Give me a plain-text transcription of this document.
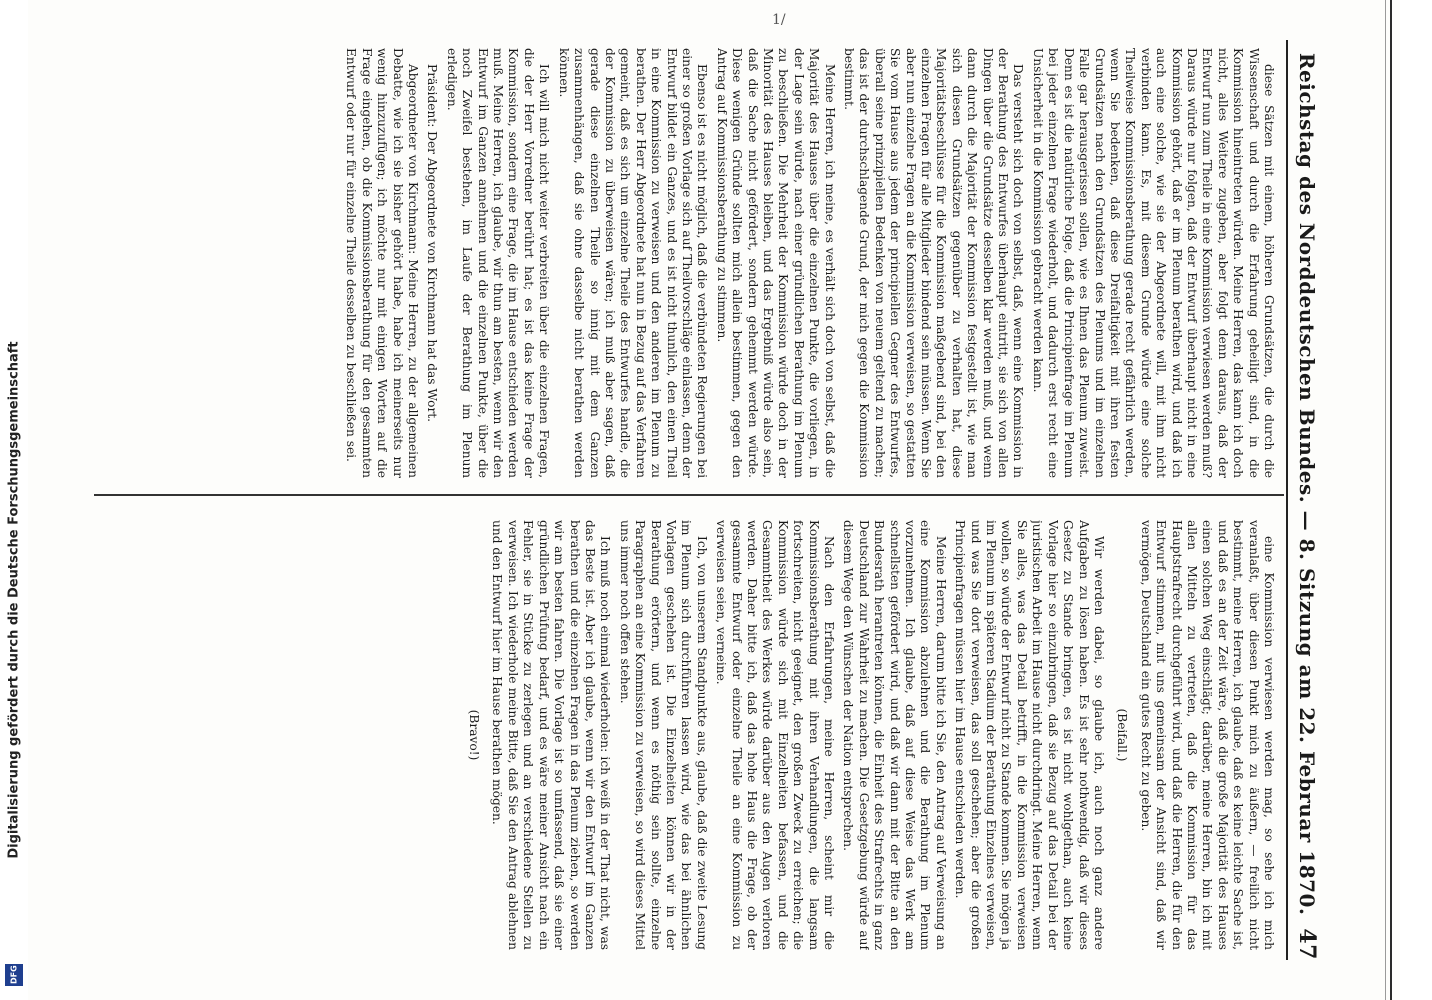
Digitalisierung gefördert durch die Deutsche Forschungsgemeinschaft
DFG
Reichstag des Norddeutschen Bundes. — 8. Sitzung am 22. Februar 1870.
47

diese Sätzen mit einem, höheren Grundsätzen, die durch die Wissenschaft und durch die Erfahrung geheiligt sind, in die Kommission hineintreten würden. Meine Herren, das kann ich doch nicht, alles Weitere zugeben, aber folgt denn daraus, daß der Entwurf nun zum Theile in eine Kommission verwiesen werden muß? Daraus würde nur folgen, daß der Entwurf überhaupt nicht in eine Kommission gehört, daß er im Plenum berathen wird, und daß ich auch eine solche, wie sie der Abgeordnete will, mit ihm nicht verbinden kann. Es, mit diesem Grunde würde eine solche Theilweise Kommissionsberathung gerade recht gefährlich werden, wenn Sie bedenken, daß diese Dreifaltigkeit mit ihren festen Grundsätzen nach den Grundsätzen des Plenums und im einzelnen Falle gar herausgerissen sollen, wie es Ihnen das Plenum zuweist. Denn es ist die natürliche Folge, daß die Principienfrage im Plenum bei jeder einzelnen Frage wiederholt, und dadurch erst recht eine Unsicherheit in die Kommission gebracht werden kann.

Das versteht sich doch von selbst, daß, wenn eine Kommission in der Berathung des Entwurfes überhaupt eintritt, sie sich von allen Dingen über die Grundsätze desselben klar werden muß, und wenn dann durch die Majorität der Kommission festgestellt ist, wie man sich diesen Grundsätzen gegenüber zu verhalten hat, diese Majoritätsbeschlüsse für die Kommission maßgebend sind, bei den einzelnen Fragen für alle Mitglieder bindend sein müssen. Wenn Sie aber nun einzelne Fragen an die Kommission verweisen, so gestatten Sie vom Hause aus jedem der principiellen Gegner des Entwurfes, überall seine prinzipiellen Bedenken von neuem geltend zu machen; das ist der durchschlagende Grund, der mich gegen die Kommission bestimmt.

Meine Herren, ich meine, es verhält sich doch von selbst, daß die Majorität des Hauses über die einzelnen Punkte, die vorliegen, in der Lage sein würde, nach einer gründlichen Berathung im Plenum zu beschließen. Die Mehrheit der Kommission würde doch in der Minorität des Hauses bleiben, und das Ergebniß würde also sein, daß die Sache nicht gefördert, sondern gehemmt werden würde. Diese wenigen Gründe sollten mich allein bestimmen, gegen den Antrag auf Kommissionsberathung zu stimmen.

Ebenso ist es nicht möglich, daß die verbündeten Regierungen bei einer so großen Vorlage sich auf Theilvorschläge einlassen, denn der Entwurf bildet ein Ganzes, und es ist nicht thunlich, den einen Theil in eine Kommission zu verweisen und den anderen im Plenum zu berathen. Der Herr Abgeordnete hat nun in Bezug auf das Verfahren gemeint, daß es sich um einzelne Theile des Entwurfes handle, die der Kommission zu überweisen wären; ich muß aber sagen, daß gerade diese einzelnen Theile so innig mit dem Ganzen zusammenhängen, daß sie ohne dasselbe nicht berathen werden können.

Ich will mich nicht weiter verbreiten über die einzelnen Fragen, die der Herr Vorredner berührt hat; es ist das keine Frage der Kommission, sondern eine Frage, die im Hause entschieden werden muß. Meine Herren, ich glaube, wir thun am besten, wenn wir den Entwurf im Ganzen annehmen und die einzelnen Punkte, über die noch Zweifel bestehen, im Laufe der Berathung im Plenum erledigen.

Präsident: Der Abgeordnete von Kirchmann hat das Wort.

Abgeordneter von Kirchmann: Meine Herren, zu der allgemeinen Debatte, wie ich sie bisher gehört habe, habe ich meinerseits nur wenig hinzuzufügen; ich möchte nur mit einigen Worten auf die Frage eingehen, ob die Kommissionsberathung für den gesammten Entwurf oder nur für einzelne Theile desselben zu beschließen sei.

eine Kommission verwiesen werden mag, so sehe ich mich veranlaßt, über diesen Punkt mich zu äußern, — freilich nicht bestimmt, meine Herren, ich glaube, daß es keine leichte Sache ist, und daß es an der Zeit wäre, daß die große Majorität des Hauses einen solchen Weg einschlägt; darüber, meine Herren, bin ich mit allen Mitteln zu vertreten, daß die Kommission für das Hauptstrafrecht durchgeführt wird, und daß die Herren, die für den Entwurf stimmen, mit uns gemeinsam der Ansicht sind, daß wir vermögen, Deutschland ein gutes Recht zu geben.

(Beifall.)

Wir werden dabei, so glaube ich, auch noch ganz andere Aufgaben zu lösen haben. Es ist sehr nothwendig, daß wir dieses Gesetz zu Stande bringen, es ist nicht wohlgethan, auch keine Vorlage hier so einzubringen, daß sie Bezug auf das Detail bei der juristischen Arbeit im Hause nicht durchdringt. Meine Herren, wenn Sie alles, was das Detail betrifft, in die Kommission verweisen wollen, so würde der Entwurf nicht zu Stande kommen. Sie mögen ja im Plenum im späteren Stadium der Berathung Einzelnes verweisen, und was Sie dort verweisen, das soll geschehen; aber die großen Principienfragen müssen hier im Hause entschieden werden.

Meine Herren, darum bitte ich Sie, den Antrag auf Verweisung an eine Kommission abzulehnen und die Berathung im Plenum vorzunehmen. Ich glaube, daß auf diese Weise das Werk am schnellsten gefördert wird, und daß wir dann mit der Bitte an den Bundesrath herantreten können, die Einheit des Strafrechts in ganz Deutschland zur Wahrheit zu machen. Die Gesetzgebung würde auf diesem Wege den Wünschen der Nation entsprechen.

Nach den Erfahrungen, meine Herren, scheint mir die Kommissionsberathung mit ihren Verhandlungen, die langsam fortschreiten, nicht geeignet, den großen Zweck zu erreichen; die Kommission würde sich mit Einzelheiten befassen, und die Gesammtheit des Werkes würde darüber aus den Augen verloren werden. Daher bitte ich, daß das hohe Haus die Frage, ob der gesammte Entwurf oder einzelne Theile an eine Kommission zu verweisen seien, verneine.

Ich, von unserem Standpunkte aus, glaube, daß die zweite Lesung im Plenum sich durchführen lassen wird, wie das bei ähnlichen Vorlagen geschehen ist. Die Einzelheiten können wir in der Berathung erörtern, und wenn es nöthig sein sollte, einzelne Paragraphen an eine Kommission zu verweisen, so wird dieses Mittel uns immer noch offen stehen.

Ich muß noch einmal wiederholen: ich weiß in der That nicht, was das Beste ist. Aber ich glaube, wenn wir den Entwurf im Ganzen berathen und die einzelnen Fragen in das Plenum ziehen, so werden wir am besten fahren. Die Vorlage ist so umfassend, daß sie einer gründlichen Prüfung bedarf, und es wäre meiner Ansicht nach ein Fehler, sie in Stücke zu zerlegen und an verschiedene Stellen zu verweisen. Ich wiederhole meine Bitte, daß Sie den Antrag ablehnen und den Entwurf hier im Hause berathen mögen.

(Bravo!)

1/
